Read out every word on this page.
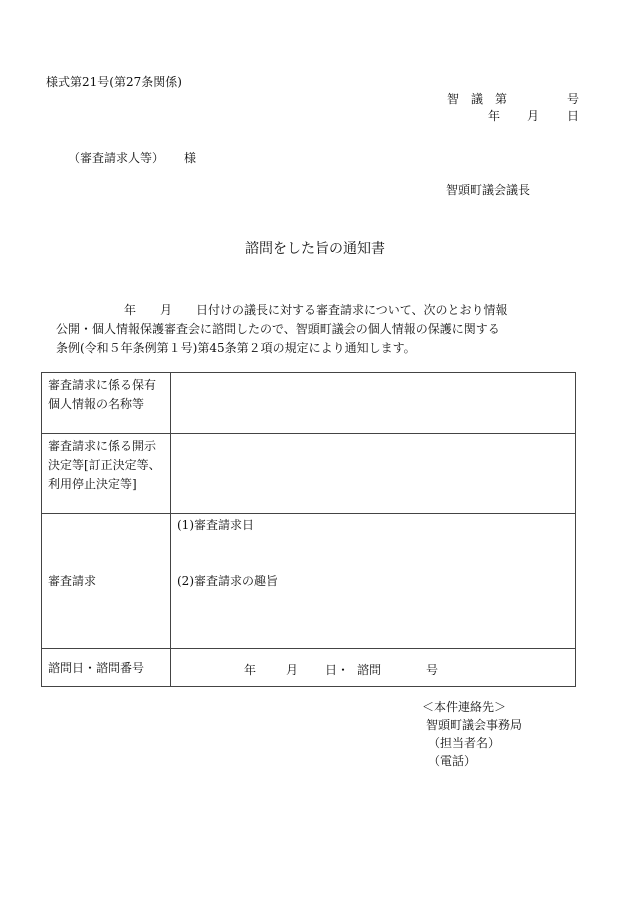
様式第21号(第27条関係)
智　議　第	号
年 月 日
（審査請求人等） 様
智頭町議会議長
諮問をした旨の通知書
年　　月　　日付けの議長に対する審査請求について、次のとおり情報
公開・個人情報保護審査会に諮問したので、智頭町議会の個人情報の保護に関する
条例(令和５年条例第１号)第45条第２項の規定により通知します。
審査請求に係る保有個人情報の名称等	
審査請求に係る開示決定等[訂正決定等、利用停止決定等]	
審査請求	(1)審査請求日
(2)審査請求の趣旨

諮問日・諮問番号	年 月 日・ 諮問 号
＜本件連絡先＞
智頭町議会事務局
（担当者名）
（電話）
